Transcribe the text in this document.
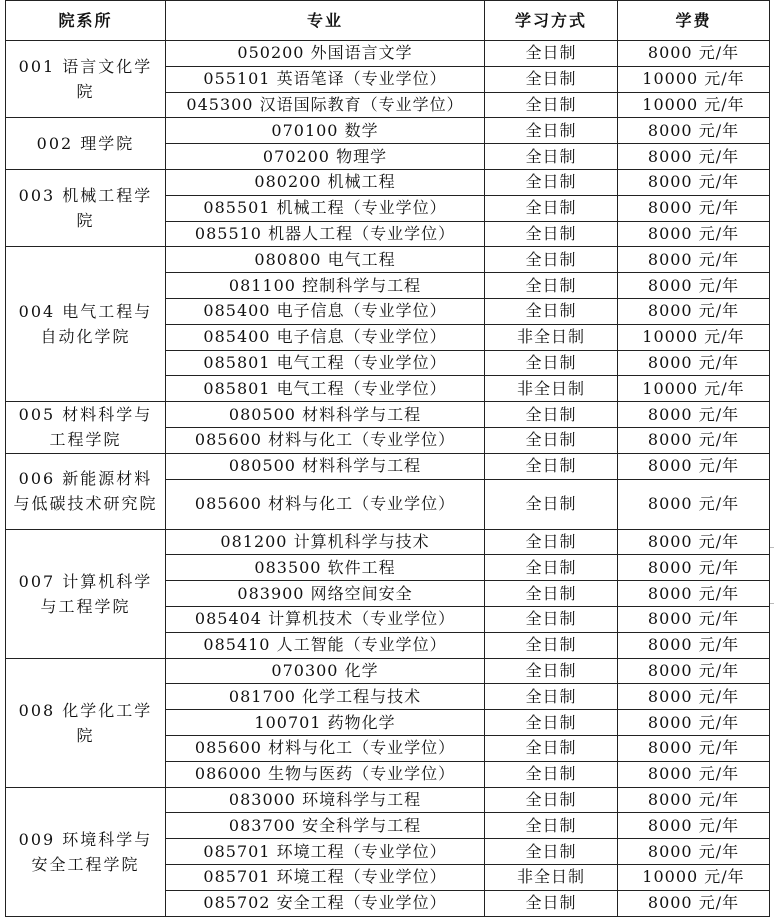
院系所	专业	学习方式	学费
001 语言文化学院	050200 外国语言文学	全日制	8000 元/年
	055101 英语笔译（专业学位）	全日制	10000 元/年
	045300 汉语国际教育（专业学位）	全日制	10000 元/年
002 理学院	070100 数学	全日制	8000 元/年
	070200 物理学	全日制	8000 元/年
003 机械工程学院	080200 机械工程	全日制	8000 元/年
	085501 机械工程（专业学位）	全日制	8000 元/年
	085510 机器人工程（专业学位）	全日制	8000 元/年
004 电气工程与自动化学院	080800 电气工程	全日制	8000 元/年
	081100 控制科学与工程	全日制	8000 元/年
	085400 电子信息（专业学位）	全日制	8000 元/年
	085400 电子信息（专业学位）	非全日制	10000 元/年
	085801 电气工程（专业学位）	全日制	8000 元/年
	085801 电气工程（专业学位）	非全日制	10000 元/年
005 材料科学与工程学院	080500 材料科学与工程	全日制	8000 元/年
	085600 材料与化工（专业学位）	全日制	8000 元/年
006 新能源材料与低碳技术研究院	080500 材料科学与工程	全日制	8000 元/年
	085600 材料与化工（专业学位）	全日制	8000 元/年
007 计算机科学与工程学院	081200 计算机科学与技术	全日制	8000 元/年
	083500 软件工程	全日制	8000 元/年
	083900 网络空间安全	全日制	8000 元/年
	085404 计算机技术（专业学位）	全日制	8000 元/年
	085410 人工智能（专业学位）	全日制	8000 元/年
008 化学化工学院	070300 化学	全日制	8000 元/年
	081700 化学工程与技术	全日制	8000 元/年
	100701 药物化学	全日制	8000 元/年
	085600 材料与化工（专业学位）	全日制	8000 元/年
	086000 生物与医药（专业学位）	全日制	8000 元/年
009 环境科学与安全工程学院	083000 环境科学与工程	全日制	8000 元/年
	083700 安全科学与工程	全日制	8000 元/年
	085701 环境工程（专业学位）	全日制	8000 元/年
	085701 环境工程（专业学位）	非全日制	10000 元/年
	085702 安全工程（专业学位）	全日制	8000 元/年
